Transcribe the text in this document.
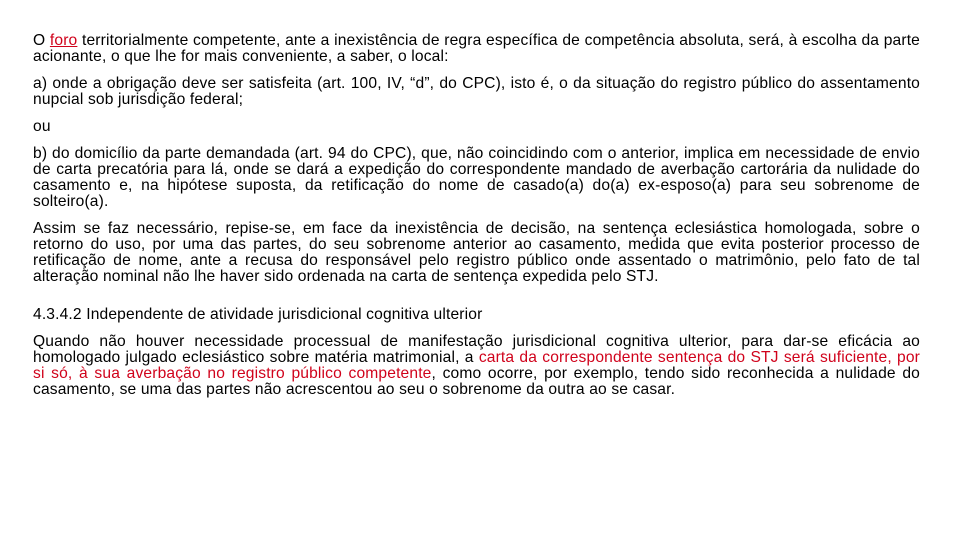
O foro territorialmente competente, ante a inexistência de regra específica de competência absoluta, será, à escolha da parte acionante, o que lhe for mais conveniente, a saber, o local:

a) onde a obrigação deve ser satisfeita (art. 100, IV, “d”, do CPC), isto é, o da situação do registro público do assentamento nupcial sob jurisdição federal;

ou

b) do domicílio da parte demandada (art. 94 do CPC), que, não coincidindo com o anterior, implica em necessidade de envio de carta precatória para lá, onde se dará a expedição do correspondente mandado de averbação cartorária da nulidade do casamento e, na hipótese suposta, da retificação do nome de casado(a) do(a) ex-esposo(a) para seu sobrenome de solteiro(a).

Assim se faz necessário, repise-se, em face da inexistência de decisão, na sentença eclesiástica homologada, sobre o retorno do uso, por uma das partes, do seu sobrenome anterior ao casamento, medida que evita posterior processo de retificação de nome, ante a recusa do responsável pelo registro público onde assentado o matrimônio, pelo fato de tal alteração nominal não lhe haver sido ordenada na carta de sentença expedida pelo STJ.

4.3.4.2 Independente de atividade jurisdicional cognitiva ulterior

Quando não houver necessidade processual de manifestação jurisdicional cognitiva ulterior, para dar-se eficácia ao homologado julgado eclesiástico sobre matéria matrimonial, a carta da correspondente sentença do STJ será suficiente, por si só, à sua averbação no registro público competente, como ocorre, por exemplo, tendo sido reconhecida a nulidade do casamento, se uma das partes não acrescentou ao seu o sobrenome da outra ao se casar.
